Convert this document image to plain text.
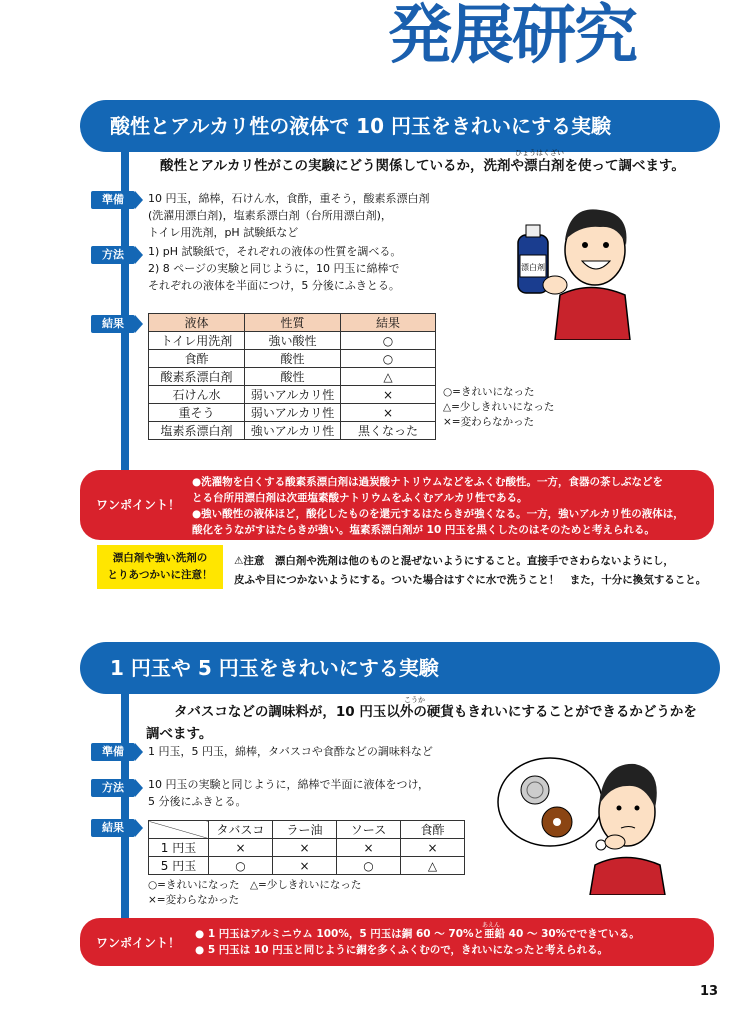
発展研究
酸性とアルカリ性の液体で 10 円玉をきれいにする実験
ひょうはくざい
酸性とアルカリ性がこの実験にどう関係しているか，洗剤や漂白剤を使って調べます。
準備	10 円玉，綿棒，石けん水，食酢，重そう，酸素系漂白剤
(洗濯用漂白剤)，塩素系漂白剤（台所用漂白剤)，
トイレ用洗剤，pH 試験紙など
方法	1) pH 試験紙で，それぞれの液体の性質を調べる。
2) 8 ページの実験と同じように，10 円玉に綿棒で
それぞれの液体を半面につけ，5 分後にふきとる。
結果	液体	性質	結果
トイレ用洗剤	強い酸性	○
食酢	酸性	○
酸素系漂白剤	酸性	△
石けん水	弱いアルカリ性	×
重そう	弱いアルカリ性	×
塩素系漂白剤	強いアルカリ性	黒くなった
○=きれいになった
△=少しきれいになった
×=変わらなかった
漂白剤
ワンポイント！
●洗濯物を白くする酸素系漂白剤は過炭酸ナトリウムなどをふくむ酸性。一方，食器の茶しぶなどを
とる台所用漂白剤は次亜塩素酸ナトリウムをふくむアルカリ性である。
●強い酸性の液体ほど，酸化したものを還元するはたらきが強くなる。一方，強いアルカリ性の液体は，
酸化をうながすはたらきが強い。塩素系漂白剤が 10 円玉を黒くしたのはそのためと考えられる。
漂白剤や強い洗剤の
とりあつかいに注意！
⚠注意　漂白剤や洗剤は他のものと混ぜないようにすること。直接手でさわらないようにし，
皮ふや目につかないようにする。ついた場合はすぐに水で洗うこと！　また，十分に換気すること。
1 円玉や 5 円玉をきれいにする実験
こうか
タバスコなどの調味料が，10 円玉以外の硬貨もきれいにすることができるかどうかを
調べます。
準備	1 円玉，5 円玉，綿棒，タバスコや食酢などの調味料など
方法	10 円玉の実験と同じように，綿棒で半面に液体をつけ，
5 分後にふきとる。
結果
		タバスコ	ラー油	ソース	食酢
1 円玉	×	×	×	×
5 円玉	○	×	○	△
○=きれいになった　△=少しきれいになった
×=変わらなかった
ワンポイント！
あえん
● 1 円玉はアルミニウム 100%，5 円玉は銅 60 〜 70%と亜鉛 40 〜 30%でできている。
● 5 円玉は 10 円玉と同じように銅を多くふくむので，きれいになったと考えられる。
13
